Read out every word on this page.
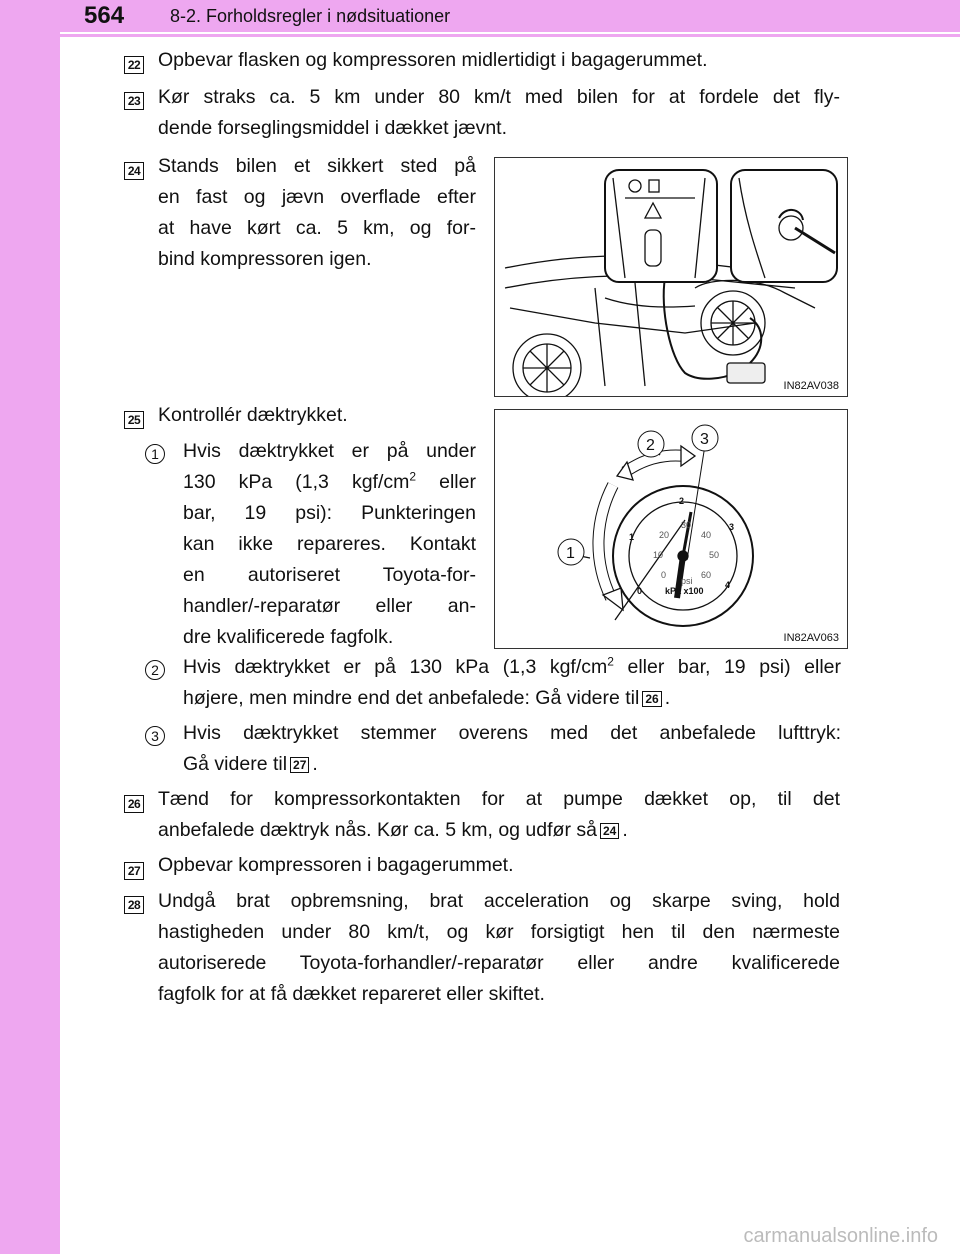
564	8-2. Forholdsregler i nødsituationer
22 Opbevar flasken og kompressoren midlertidigt i bagagerummet.
23 Kør straks ca. 5 km under 80 km/t med bilen for at fordele det fly-
dende forseglingsmiddel i dækket jævnt.
24 Stands bilen et sikkert sted på
en fast og jævn overflade efter
at have kørt ca. 5 km, og for-
bind kompressoren igen.
IN82AV038
25 Kontrollér dæktrykket.
1	Hvis dæktrykket er på under
130 kPa (1,3 kgf/$cm^2$ eller
bar, 19 psi): Punkteringen
kan ikke repareres. Kontakt
en autoriseret Toyota-for-
handler/-reparatør eller an-
dre kvalificerede fagfolk.
0
1
2
3
4
0
10
20
30
40
50
60
psi
kPa x100
1
2	3
IN82AV063
2	Hvis dæktrykket er på 130 kPa (1,3 kgf/$cm^2$ eller bar, 19 psi) eller
højere, men mindre end det anbefalede: Gå videre til 26 .
3	Hvis dæktrykket stemmer overens med det anbefalede lufttryk:
Gå videre til 27 .
26 Tænd for kompressorkontakten for at pumpe dækket op, til det
anbefalede dæktryk nås. Kør ca. 5 km, og udfør så 24 .
27 Opbevar kompressoren i bagagerummet.
28 Undgå brat opbremsning, brat acceleration og skarpe sving, hold
hastigheden under 80 km/t, og kør forsigtigt hen til den nærmeste
autoriserede Toyota-forhandler/-reparatør eller andre kvalificerede
fagfolk for at få dækket repareret eller skiftet.
carmanualsonline.info
